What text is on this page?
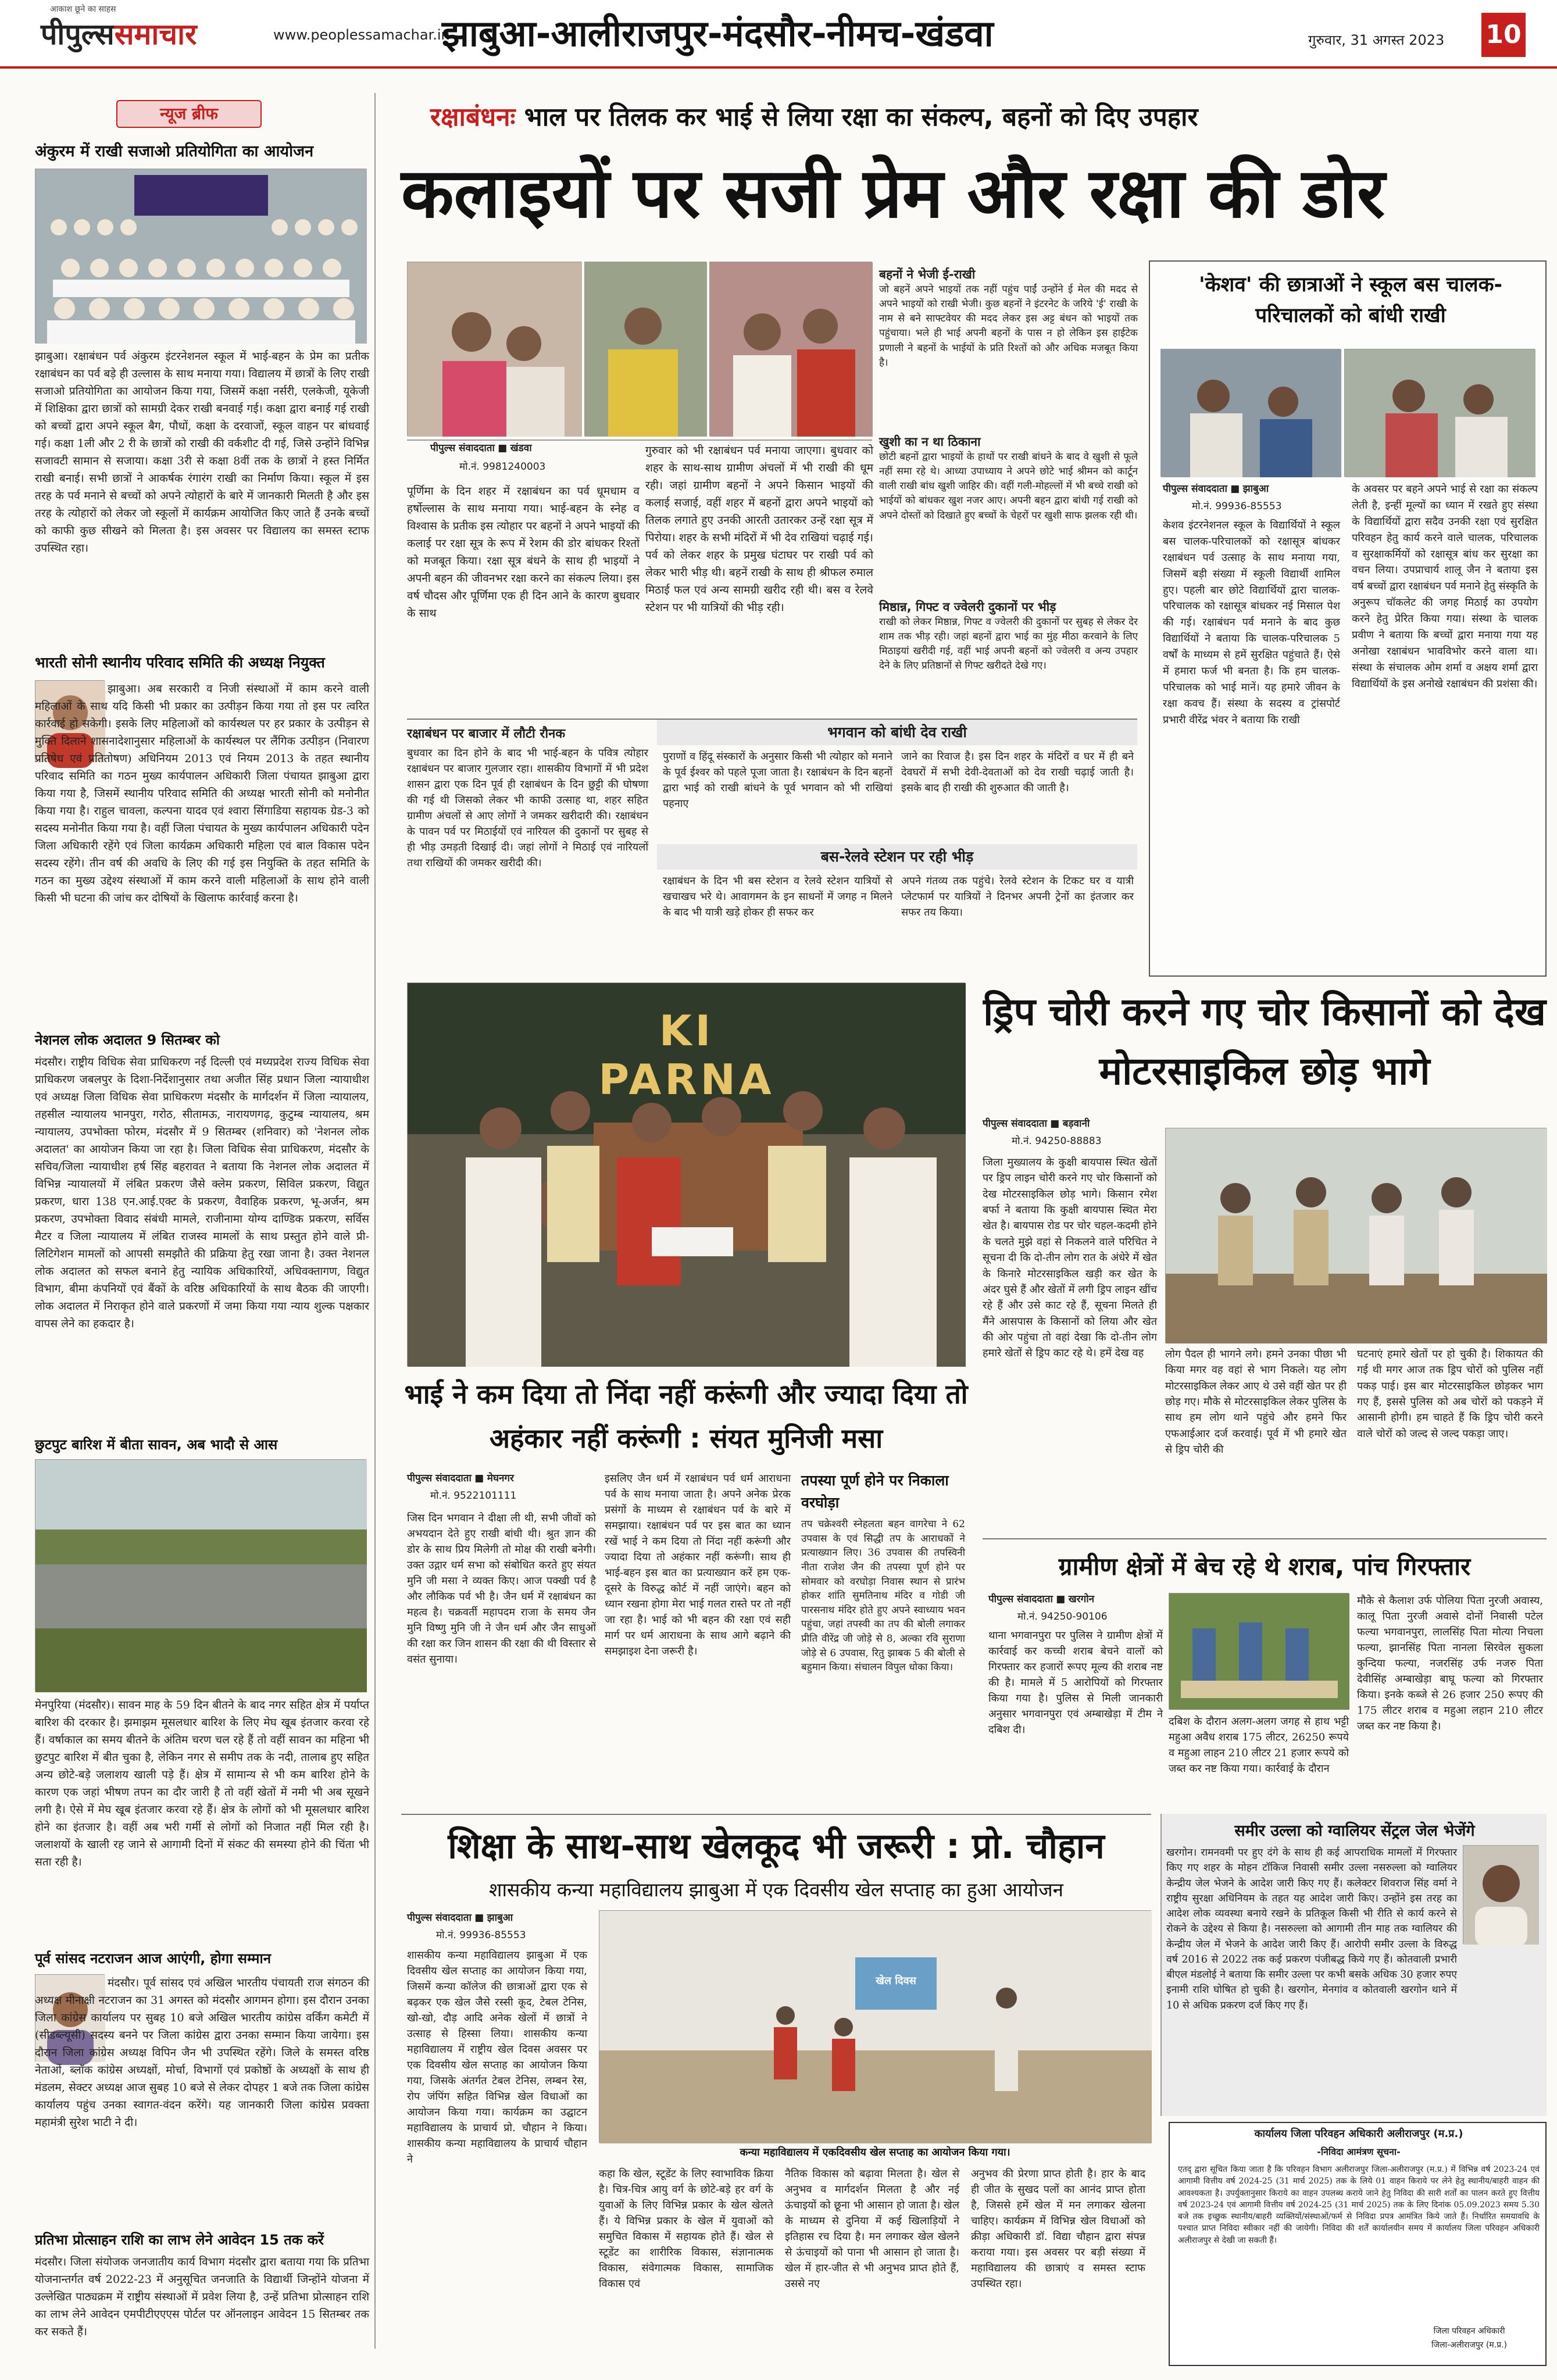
आकाश छूने का साहस
पीपुल्ससमाचार	www.peoplessamachar.in
झाबुआ-आलीराजपुर-मंदसौर-नीमच-खंडवा	गुरुवार, 31 अगस्त 2023 10
न्यूज ब्रीफ
अंकुरम में राखी सजाओ प्रतियोगिता का आयोजन
झाबुआ। रक्षाबंधन पर्व अंकुरम इंटरनेशनल स्कूल में भाई-बहन के प्रेम का प्रतीक रक्षाबंधन का पर्व बड़े ही उल्लास के साथ मनाया गया। विद्यालय में छात्रों के लिए राखी सजाओ प्रतियोगिता का आयोजन किया गया, जिसमें कक्षा नर्सरी, एलकेजी, यूकेजी में शिक्षिका द्वारा छात्रों को सामग्री देकर राखी बनवाई गई। कक्षा द्वारा बनाई गई राखी को बच्चों द्वारा अपने स्कूल बैग, पौधों, कक्षा के दरवाजों, स्कूल वाहन पर बांधवाई गई। कक्षा 1ली और 2 री के छात्रों को राखी की वर्कशीट दी गई, जिसे उन्होंने विभिन्न सजावटी सामान से सजाया। कक्षा 3री से कक्षा 8वीं तक के छात्रों ने हस्त निर्मित राखी बनाई। सभी छात्रों ने आकर्षक रंगारंग राखी का निर्माण किया। स्कूल में इस तरह के पर्व मनाने से बच्चों को अपने त्योहारों के बारे में जानकारी मिलती है और इस तरह के त्योहारों को लेकर जो स्कूलों में कार्यक्रम आयोजित किए जाते हैं उनके बच्चों को काफी कुछ सीखने को मिलता है। इस अवसर पर विद्यालय का समस्त स्टाफ उपस्थित रहा।
भारती सोनी स्थानीय परिवाद समिति की अध्यक्ष नियुक्त
झाबुआ। अब सरकारी व निजी संस्थाओं में काम करने वाली महिलाओं के साथ यदि किसी भी प्रकार का उत्पीड़न किया गया तो इस पर त्वरित कार्रवाई हो सकेगी। इसके लिए महिलाओं को कार्यस्थल पर हर प्रकार के उत्पीड़न से मुक्ति दिलाने शासनादेशानुसार महिलाओं के कार्यस्थल पर लैंगिक उत्पीड़न (निवारण प्रतिषेध एवं प्रतितोषण) अधिनियम 2013 एवं नियम 2013 के तहत स्थानीय परिवाद समिति का गठन मुख्य कार्यपालन अधिकारी जिला पंचायत झाबुआ द्वारा किया गया है, जिसमें स्थानीय परिवाद समिति की अध्यक्ष भारती सोनी को मनोनीत किया गया है। राहुल चावला, कल्पना यादव एवं श्वारा सिंगाडिया सहायक ग्रेड-3 को सदस्य मनोनीत किया गया है। वहीं जिला पंचायत के मुख्य कार्यपालन अधिकारी पदेन जिला अधिकारी रहेंगे एवं जिला कार्यक्रम अधिकारी महिला एवं बाल विकास पदेन सदस्य रहेंगे। तीन वर्ष की अवधि के लिए की गई इस नियुक्ति के तहत समिति के गठन का मुख्य उद्देश्य संस्थाओं में काम करने वाली महिलाओं के साथ होने वाली किसी भी घटना की जांच कर दोषियों के खिलाफ कार्रवाई करना है।
नेशनल लोक अदालत 9 सितम्बर को
मंदसौर। राष्ट्रीय विधिक सेवा प्राधिकरण नई दिल्ली एवं मध्यप्रदेश राज्य विधिक सेवा प्राधिकरण जबलपुर के दिशा-निर्देशानुसार तथा अजीत सिंह प्रधान जिला न्यायाधीश एवं अध्यक्ष जिला विधिक सेवा प्राधिकरण मंदसौर के मार्गदर्शन में जिला न्यायालय, तहसील न्यायालय भानपुरा, गरोठ, सीतामऊ, नारायणगढ़, कुटुम्ब न्यायालय, श्रम न्यायालय, उपभोक्ता फोरम, मंदसौर में 9 सितम्बर (शनिवार) को 'नेशनल लोक अदालत' का आयोजन किया जा रहा है। जिला विधिक सेवा प्राधिकरण, मंदसौर के सचिव/जिला न्यायाधीश हर्ष सिंह बहरावत ने बताया कि नेशनल लोक अदालत में विभिन्न न्यायालयों में लंबित प्रकरण जैसे क्लेम प्रकरण, सिविल प्रकरण, विद्युत प्रकरण, धारा 138 एन.आई.एक्ट के प्रकरण, वैवाहिक प्रकरण, भू-अर्जन, श्रम प्रकरण, उपभोक्ता विवाद संबंधी मामले, राजीनामा योग्य दाण्डिक प्रकरण, सर्विस मैटर व जिला न्यायालय में लंबित राजस्व मामलों के साथ प्रस्तुत होने वाले प्री-लिटिगेशन मामलों को आपसी समझौते की प्रक्रिया हेतु रखा जाना है। उक्त नेशनल लोक अदालत को सफल बनाने हेतु न्यायिक अधिकारियों, अधिवक्तागण, विद्युत विभाग, बीमा कंपनियों एवं बैंकों के वरिष्ठ अधिकारियों के साथ बैठक की जाएगी। लोक अदालत में निराकृत होने वाले प्रकरणों में जमा किया गया न्याय शुल्क पक्षकार वापस लेने का हकदार है।
छुटपुट बारिश में बीता सावन, अब भादौ से आस
मेनपुरिया (मंदसौर)। सावन माह के 59 दिन बीतने के बाद नगर सहित क्षेत्र में पर्याप्त बारिश की दरकार है। झमाझम मूसलधार बारिश के लिए मेघ खूब इंतजार करवा रहे हैं। वर्षाकाल का समय बीतने के अंतिम चरण चल रहे हैं तो वहीं सावन का महिना भी छुटपुट बारिश में बीत चुका है, लेकिन नगर से समीप तक के नदी, तालाब हुए सहित अन्य छोटे-बड़े जलाशय खाली पड़े हैं। क्षेत्र में सामान्य से भी कम बारिश होने के कारण एक जहां भीषण तपन का दौर जारी है तो वहीं खेतों में नमी भी अब सूखने लगी है। ऐसे में मेघ खूब इंतजार करवा रहे हैं। क्षेत्र के लोगों को भी मूसलधार बारिश होने का इंतजार है। वहीं अब भरी गर्मी से लोगों को निजात नहीं मिल रही है। जलाशयों के खाली रह जाने से आगामी दिनों में संकट की समस्या होने की चिंता भी सता रही है।
पूर्व सांसद नटराजन आज आएंगी, होगा सम्मान
मंदसौर। पूर्व सांसद एवं अखिल भारतीय पंचायती राज संगठन की अध्यक्ष मीनाक्षी नटराजन का 31 अगस्त को मंदसौर आगमन होगा। इस दौरान उनका जिला कांग्रेस कार्यालय पर सुबह 10 बजे अखिल भारतीय कांग्रेस वर्किंग कमेटी में (सीडब्ल्यूसी) सदस्य बनने पर जिला कांग्रेस द्वारा उनका सम्मान किया जायेगा। इस दौरान जिला कांग्रेस अध्यक्ष विपिन जैन भी उपस्थित रहेंगे। जिले के समस्त वरिष्ठ नेताओं, ब्लॉक कांग्रेस अध्यक्षों, मोर्चा, विभागों एवं प्रकोष्ठों के अध्यक्षों के साथ ही मंडलम, सेक्टर अध्यक्ष आज सुबह 10 बजे से लेकर दोपहर 1 बजे तक जिला कांग्रेस कार्यालय पहुंच उनका स्वागत-वंदन करेंगे। यह जानकारी जिला कांग्रेस प्रवक्ता महामंत्री सुरेश भाटी ने दी।
प्रतिभा प्रोत्साहन राशि का लाभ लेने आवेदन 15 तक करें
मंदसौर। जिला संयोजक जनजातीय कार्य विभाग मंदसौर द्वारा बताया गया कि प्रतिभा योजनान्तर्गत वर्ष 2022-23 में अनुसूचित जनजाति के विद्यार्थी जिन्होंने योजना में उल्लेखित पाठ्यक्रम में राष्ट्रीय संस्थाओं में प्रवेश लिया है, उन्हें प्रतिभा प्रोत्साहन राशि का लाभ लेने आवेदन एमपीटीएएएस पोर्टल पर ऑनलाइन आवेदन 15 सितम्बर तक कर सकते हैं।
रक्षाबंधनः भाल पर तिलक कर भाई से लिया रक्षा का संकल्प, बहनों को दिए उपहार
कलाइयों पर सजी प्रेम और रक्षा की डोर
पीपुल्स संवाददाता ■ खंडवा
मो.नं. 9981240003
पूर्णिमा के दिन शहर में रक्षाबंधन का पर्व धूमधाम व हर्षोल्लास के साथ मनाया गया। भाई-बहन के स्नेह व विश्वास के प्रतीक इस त्योहार पर बहनों ने अपने भाइयों की कलाई पर रक्षा सूत्र के रूप में रेशम की डोर बांधकर रिश्तों को मजबूत किया। रक्षा सूत्र बंधने के साथ ही भाइयों ने अपनी बहन की जीवनभर रक्षा करने का संकल्प लिया। इस वर्ष चौदस और पूर्णिमा एक ही दिन आने के कारण बुधवार के साथ
गुरुवार को भी रक्षाबंधन पर्व मनाया जाएगा। बुधवार को शहर के साथ-साथ ग्रामीण अंचलों में भी राखी की धूम रही। जहां ग्रामीण बहनों ने अपने किसान भाइयों की कलाई सजाई, वहीं शहर में बहनों द्वारा अपने भाइयों को तिलक लगाते हुए उनकी आरती उतारकर उन्हें रक्षा सूत्र में पिरोया। शहर के सभी मंदिरों में भी देव राखियां चढ़ाई गई। पर्व को लेकर शहर के प्रमुख घंटाघर पर राखी पर्व को लेकर भारी भीड़ थी। बहनें राखी के साथ ही श्रीफल रुमाल मिठाई फल एवं अन्य सामग्री खरीद रही थी। बस व रेलवे स्टेशन पर भी यात्रियों की भीड़ रही।
बहनों ने भेजी ई-राखी
जो बहनें अपने भाइयों तक नहीं पहुंच पाईं उन्होंने ई मेल की मदद से अपने भाइयों को राखी भेजी। कुछ बहनों ने इंटरनेट के जरिये 'ई' राखी के नाम से बने साफ्टवेयर की मदद लेकर इस अट्ट बंधन को भाइयों तक पहुंचाया। भले ही भाई अपनी बहनों के पास न हो लेकिन इस हाईटेक प्रणाली ने बहनों के भाईयों के प्रति रिश्तों को और अधिक मजबूत किया है।
खुशी का न था ठिकाना
छोटी बहनों द्वारा भाइयों के हाथों पर राखी बांधने के बाद वे खुशी से फूले नहीं समा रहे थे। आध्या उपाध्याय ने अपने छोटे भाई श्रीमन को कार्टून वाली राखी बांध खुशी जाहिर की। वहीं गली-मोहल्लों में भी बच्चे राखी को भाईयों को बांधकर खुश नजर आए। अपनी बहन द्वारा बांधी गई राखी को अपने दोस्तों को दिखाते हुए बच्चों के चेहरों पर खुशी साफ झलक रही थी।
मिष्ठान्न, गिफ्ट व ज्वेलरी दुकानों पर भीड़
राखी को लेकर मिष्ठान्न, गिफ्ट व ज्वेलरी की दुकानों पर सुबह से लेकर देर शाम तक भीड़ रही। जहां बहनों द्वारा भाई का मुंह मीठा करवाने के लिए मिठाइयां खरीदी गई, वहीं भाई अपनी बहनों को ज्वेलरी व अन्य उपहार देने के लिए प्रतिष्ठानों से गिफ्ट खरीदते देखे गए।
रक्षाबंधन पर बाजार में लौटी रौनक
बुधवार का दिन होने के बाद भी भाई-बहन के पवित्र त्योहार रक्षाबंधन पर बाजार गुलजार रहा। शासकीय विभागों में भी प्रदेश शासन द्वारा एक दिन पूर्व ही रक्षाबंधन के दिन छुट्टी की घोषणा की गई थी जिसको लेकर भी काफी उत्साह था, शहर सहित ग्रामीण अंचलों से आए लोगों ने जमकर खरीदारी की। रक्षाबंधन के पावन पर्व पर मिठाईयों एवं नारियल की दुकानों पर सुबह से ही भीड़ उमड़ती दिखाई दी। जहां लोगों ने मिठाई एवं नारियलों तथा राखियों की जमकर खरीदी की।
भगवान को बांधी देव राखी
पुराणों व हिंदू संस्कारों के अनुसार किसी भी त्योहार को मनाने के पूर्व ईश्वर को पहले पूजा जाता है। रक्षाबंधन के दिन बहनों द्वारा भाई को राखी बांधने के पूर्व भगवान को भी राखियां पहनाए
जाने का रिवाज है। इस दिन शहर के मंदिरों व घर में ही बने देवघरों में सभी देवी-देवताओं को देव राखी चढ़ाई जाती है। इसके बाद ही राखी की शुरुआत की जाती है।
बस-रेलवे स्टेशन पर रही भीड़
रक्षाबंधन के दिन भी बस स्टेशन व रेलवे स्टेशन यात्रियों से खचाखच भरे थे। आवागमन के इन साधनों में जगह न मिलने के बाद भी यात्री खड़े होकर ही सफर कर
अपने गंतव्य तक पहुंचे। रेलवे स्टेशन के टिकट घर व यात्री प्लेटफार्म पर यात्रियों ने दिनभर अपनी ट्रेनों का इंतजार कर सफर तय किया।
'केशव' की छात्राओं ने स्कूल बस चालक-परिचालकों को बांधी राखी
पीपुल्स संवाददाता ■ झाबुआ
मो.नं. 99936-85553
केशव इंटरनेशनल स्कूल के विद्यार्थियों ने स्कूल बस चालक-परिचालकों को रक्षासूत्र बांधकर रक्षाबंधन पर्व उत्साह के साथ मनाया गया, जिसमें बड़ी संख्या में स्कूली विद्यार्थी शामिल हुए। पहली बार छोटे विद्यार्थियों द्वारा चालक-परिचालक को रक्षासूत्र बांधकर नई मिसाल पेश की गई। रक्षाबंधन पर्व मनाने के बाद कुछ विद्यार्थियों ने बताया कि चालक-परिचालक 5 वर्षों के माध्यम से हमें सुरक्षित पहुंचाते हैं। ऐसे में हमारा फर्ज भी बनता है। कि हम चालक-परिचालक को भाई मानें। यह हमारे जीवन के रक्षा कवच हैं। संस्था के सदस्य व ट्रांसपोर्ट प्रभारी वीरेंद्र भंवर ने बताया कि राखी
के अवसर पर बहने अपने भाई से रक्षा का संकल्प लेती है, इन्हीं मूल्यों का ध्यान में रखते हुए संस्था के विद्यार्थियों द्वारा सदैव उनकी रक्षा एवं सुरक्षित परिवहन हेतु कार्य करने वाले चालक, परिचालक व सुरक्षाकर्मियों को रक्षासूत्र बांध कर सुरक्षा का वचन लिया। उपप्राचार्य शालू जैन ने बताया इस वर्ष बच्चों द्वारा रक्षाबंधन पर्व मनाने हेतु संस्कृति के अनुरूप चॉकलेट की जगह मिठाई का उपयोग करने हेतु प्रेरित किया गया। संस्था के चालक प्रवीण ने बताया कि बच्चों द्वारा मनाया गया यह अनोखा रक्षाबंधन भावविभोर करने वाला था। संस्था के संचालक ओम शर्मा व अक्षय शर्मा द्वारा विद्यार्थियों के इस अनोखे रक्षाबंधन की प्रशंसा की।
KI PARNA
ड्रिप चोरी करने गए चोर किसानों को देख मोटरसाइकिल छोड़ भागे
पीपुल्स संवाददाता ■ बड़वानी
मो.नं. 94250-88883
जिला मुख्यालय के कुक्षी बायपास स्थित खेतों पर ड्रिप लाइन चोरी करने गए चोर किसानों को देख मोटरसाइकिल छोड़ भागे। किसान रमेश बर्फा ने बताया कि कुक्षी बायपास स्थित मेरा खेत है। बायपास रोड पर चोर चहल-कदमी होने के चलते मुझे वहां से निकलने वाले परिचित ने सूचना दी कि दो-तीन लोग रात के अंधेरे में खेत के किनारे मोटरसाइकिल खड़ी कर खेत के अंदर घुसे हैं और खेतों में लगी ड्रिप लाइन खींच रहे हैं और उसे काट रहे हैं, सूचना मिलते ही मैंने आसपास के किसानों को लिया और खेत की ओर पहुंचा तो वहां देखा कि दो-तीन लोग हमारे खेतों से ड्रिप काट रहे थे। हमें देख वह	लोग पैदल ही भागने लगे। हमने उनका पीछा भी किया मगर वह वहां से भाग निकले। यह लोग मोटरसाइकिल लेकर आए थे उसे वहीं खेत पर ही छोड़ गए। मौके से मोटरसाइकिल लेकर पुलिस के साथ हम लोग थाने पहुंचे और हमने फिर एफआईआर दर्ज करवाई। पूर्व में भी हमारे खेत से ड्रिप चोरी की
घटनाएं हमारे खेतों पर हो चुकी है। शिकायत की गई थी मगर आज तक ड्रिप चोरों को पुलिस नहीं पकड़ पाई। इस बार मोटरसाइकिल छोड़कर भाग गए हैं, इससे पुलिस को अब चोरों को पकड़ने में आसानी होगी। हम चाहते हैं कि ड्रिप चोरी करने वाले चोरों को जल्द से जल्द पकड़ा जाए।
भाई ने कम दिया तो निंदा नहीं करूंगी और ज्यादा दिया तो अहंकार नहीं करूंगी : संयत मुनिजी मसा
पीपुल्स संवाददाता ■ मेघनगर
मो.नं. 9522101111
जिस दिन भगवान ने दीक्षा ली थी, सभी जीवों को अभयदान देते हुए राखी बांधी थी। श्रुत ज्ञान की डोर के साथ प्रिय मिलेगी तो मोक्ष की राखी बनेगी। उक्त उद्गार धर्म सभा को संबोधित करते हुए संयत मुनि जी मसा ने व्यक्त किए। आज पक्खी पर्व है और लौकिक पर्व भी है। जैन धर्म में रक्षाबंधन का महत्व है। चक्रवर्ती महापदम राजा के समय जैन मुनि विष्णु मुनि जी ने जैन धर्म और जैन साधुओं की रक्षा कर जिन शासन की रक्षा की थी विस्तार से वसंत सुनाया।
इसलिए जैन धर्म में रक्षाबंधन पर्व धर्म आराधना पर्व के साथ मनाया जाता है। अपने अनेक प्रेरक प्रसंगों के माध्यम से रक्षाबंधन पर्व के बारे में समझाया। रक्षाबंधन पर्व पर इस बात का ध्यान रखें भाई ने कम दिया तो निंदा नहीं करूंगी और ज्यादा दिया तो अहंकार नहीं करूंगी। साथ ही भाई-बहन इस बात का प्रत्याख्यान करें हम एक-दूसरे के विरुद्ध कोर्ट में नहीं जाएंगे। बहन को ध्यान रखना होगा मेरा भाई गलत रास्ते पर तो नहीं जा रहा है। भाई को भी बहन की रक्षा एवं सही मार्ग पर धर्म आराधना के साथ आगे बढ़ाने की समझाइश देना जरूरी है।
तपस्या पूर्ण होने पर निकाला वरघोड़ा
तप चक्रेश्वरी स्नेहलता बहन वागरेचा ने 62 उपवास के एवं सिद्धी तप के आराधकों ने प्रत्याख्यान लिए। 36 उपवास की तपस्विनी नीता राजेश जैन की तपस्या पूर्ण होने पर सोमवार को वरघोड़ा निवास स्थान से प्रारंभ होकर शांति सुमतिनाथ मंदिर व गोडी जी पारसनाथ मंदिर होते हुए अपने स्वाध्याय भवन पहुंचा, जहां तपस्वी का तप की बोली लगाकर प्रीति वीरेंद्र जी जोड़े से 8, अल्का रवि सुराणा जोड़े से 6 उपवास, रितु झाबक 5 की बोली से बहुमान किया। संचालन विपुल धोका किया।
ग्रामीण क्षेत्रों में बेच रहे थे शराब, पांच गिरफ्तार
पीपुल्स संवाददाता ■ खरगोन
मो.नं. 94250-90106
थाना भगवानपुरा पर पुलिस ने ग्रामीण क्षेत्रों में कार्रवाई कर कच्ची शराब बेचने वालों को गिरफ्तार कर हजारों रूपए मूल्य की शराब नष्ट की है। मामले में 5 आरोपियों को गिरफ्तार किया गया है। पुलिस से मिली जानकारी अनुसार भगवानपुरा एवं अम्बाखेड़ा में टीम ने दबिश दी।
दबिश के दौरान अलग-अलग जगह से हाथ भट्टी महुआ अवैध शराब 175 लीटर, 26250 रूपये व महुआ लाहन 210 लीटर 21 हजार रूपये को जब्त कर नष्ट किया गया। कार्रवाई के दौरान
मौके से कैलाश उर्फ पोलिया पिता नुरजी अवास्य, कालू पिता नुरजी अवासे दोनों निवासी पटेल फल्या भगवानपुरा, लालसिंह पिता मोत्या निचला फल्या, झानसिंह पिता नानला सिरवेल सुकला कुन्दिया फल्या, नजरसिंह उर्फ नजरु पिता देवीसिंह अम्बाखेड़ा बाघू फल्या को गिरफ्तार किया। इनके कब्जे से 26 हजार 250 रूपए की 175 लीटर शराब व महुआ लहान 210 लीटर जब्त कर नष्ट किया है।
शिक्षा के साथ-साथ खेलकूद भी जरूरी : प्रो. चौहान
शासकीय कन्या महाविद्यालय झाबुआ में एक दिवसीय खेल सप्ताह का हुआ आयोजन
पीपुल्स संवाददाता ■ झाबुआ
मो.नं. 99936-85553
शासकीय कन्या महाविद्यालय झाबुआ में एक दिवसीय खेल सप्ताह का आयोजन किया गया, जिसमें कन्या कॉलेज की छात्राओं द्वारा एक से बढ़कर एक खेल जैसे रस्सी कूद, टेबल टेनिस, खो-खो, दौड़ आदि अनेक खेलों में छात्रों ने उत्साह से हिस्सा लिया। शासकीय कन्या महाविद्यालय में राष्ट्रीय खेल दिवस अवसर पर एक दिवसीय खेल सप्ताह का आयोजन किया गया, जिसके अंतर्गत टेबल टेनिस, लम्बन रेस, रोप जंपिंग सहित विभिन्न खेल विधाओं का आयोजन किया गया। कार्यक्रम का उद्घाटन महाविद्यालय के प्राचार्य प्रो. चौहान ने किया। शासकीय कन्या महाविद्यालय के प्राचार्य चौहान ने
खेल दिवस
कन्या महाविद्यालय में एकदिवसीय खेल सप्ताह का आयोजन किया गया।
कहा कि खेल, स्टूडेंट के लिए स्वाभाविक क्रिया है। चित्र-चित्र आयु वर्ग के छोटे-बड़े हर वर्ग के युवाओं के लिए विभिन्न प्रकार के खेल खेलते हैं। ये विभिन्न प्रकार के खेल में युवाओं को समुचित विकास में सहायक होते हैं। खेल से स्टूडेंट का शारीरिक विकास, संज्ञानात्मक विकास, संवेगात्मक विकास, सामाजिक विकास एवं
नैतिक विकास को बढ़ावा मिलता है। खेल से अनुभव व मार्गदर्शन मिलता है और नई ऊंचाइयों को छूना भी आसान हो जाता है। खेल के माध्यम से दुनिया में कई खिलाड़ियों ने इतिहास रच दिया है। मन लगाकर खेल खेलने से ऊंचाइयों को पाना भी आसान हो जाता है। खेल में हार-जीत से भी अनुभव प्राप्त होते हैं, उससे नए
अनुभव की प्रेरणा प्राप्त होती है। हार के बाद ही जीत के सुखद पलों का आनंद प्राप्त होता है, जिससे हमें खेल में मन लगाकर खेलना चाहिए। कार्यक्रम में विभिन्न खेल विधाओं को क्रीड़ा अधिकारी डॉ. विद्या चौहान द्वारा संपन्न कराया गया। इस अवसर पर बड़ी संख्या में महाविद्यालय की छात्राएं व समस्त स्टाफ उपस्थित रहा।
समीर उल्ला को ग्वालियर सेंट्रल जेल भेजेंगे
खरगोन। रामनवमी पर हुए दंगे के साथ ही कई आपराधिक मामलों में गिरफ्तार किए गए शहर के मोहन टॉकिज निवासी समीर उल्ला नसरुल्ला को ग्वालियर केन्द्रीय जेल भेजने के आदेश जारी किए गए हैं। कलेक्टर शिवराज सिंह वर्मा ने राष्ट्रीय सुरक्षा अधिनियम के तहत यह आदेश जारी किए। उन्होंने इस तरह का आदेश लोक व्यवस्था बनाये रखने के प्रतिकूल किसी भी रीति से कार्य करने से रोकने के उद्देश्य से किया है। नसरुल्ला को आगामी तीन माह तक ग्वालियर की केन्द्रीय जेल में भेजने के आदेश जारी किए हैं। आरोपी समीर उल्ला के विरुद्ध वर्ष 2016 से 2022 तक कई प्रकरण पंजीबद्ध किये गए हैं। कोतवाली प्रभारी बीएल मंडलोई ने बताया कि समीर उल्ला पर कभी बसके अधिक 30 हजार रुपए इनामी राशि घोषित हो चुकी है। खरगोन, मेनगांव व कोतवाली खरगोन थाने में 10 से अधिक प्रकरण दर्ज किए गए हैं।
कार्यालय जिला परिवहन अधिकारी अलीराजपुर (म.प्र.)
-निविदा आमंत्रण सूचना-
एतद् द्वारा सूचित किया जाता है कि परिवहन विभाग अलीराजपुर जिला-अलीराजपुर (म.प्र.) में विभिन्न वर्ष 2023-24 एवं आगामी वित्तीय वर्ष 2024-25 (31 मार्च 2025) तक के लिये 01 वाहन किराये पर लेने हेतु स्थानीय/बाहरी वाहन की आवश्यकता है। उपर्युक्तानुसार किराये का वाहन उपलब्ध कराये जाने हेतु निविदा की सारी शर्तों का पालन करते हुए वित्तीय वर्ष 2023-24 एवं आगामी वित्तीय वर्ष 2024-25 (31 मार्च 2025) तक के लिए दिनांक 05.09.2023 समय 5.30 बजे तक इच्छुक स्थानीय/बाहरी व्यक्तियों/संस्थाओं/फर्म से निविदा प्रपत्र आमंत्रित किये जाते हैं। निर्धारित समयावधि के पश्चात प्राप्त निविदा स्वीकार नहीं की जायेगी। निविदा की शर्तें कार्यालयीन समय में कार्यालय जिला परिवहन अधिकारी अलीराजपुर से देखी जा सकती हैं।
जिला परिवहन अधिकारी
जिला-अलीराजपुर (म.प्र.)
